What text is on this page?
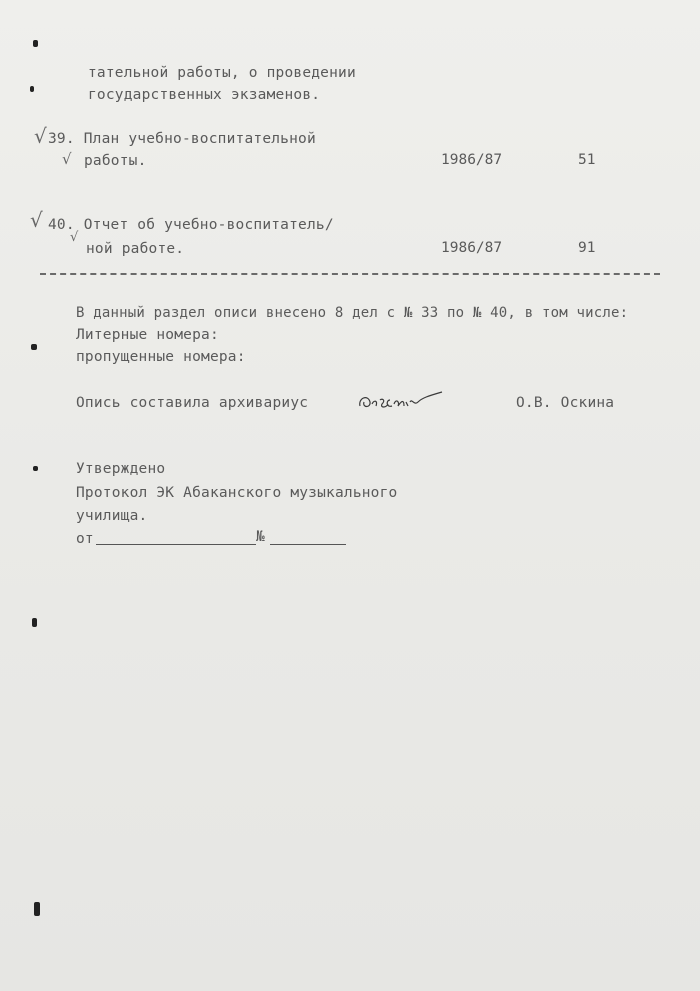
тательной работы, о проведении
государственных экзаменов.
√ 39. План учебно-воспитательной
√ работы.	1986/87	51
√ 40. Отчет об учебно-воспитатель/
√
ной работе.	1986/87	91
В данный раздел описи внесено 8 дел с № 33 по № 40, в том числе:
Литерные номера:
пропущенные номера:
Опись составила архивариус	О.В. Оскина
Утверждено
Протокол ЭК Абаканского музыкального
училища.
от	№
